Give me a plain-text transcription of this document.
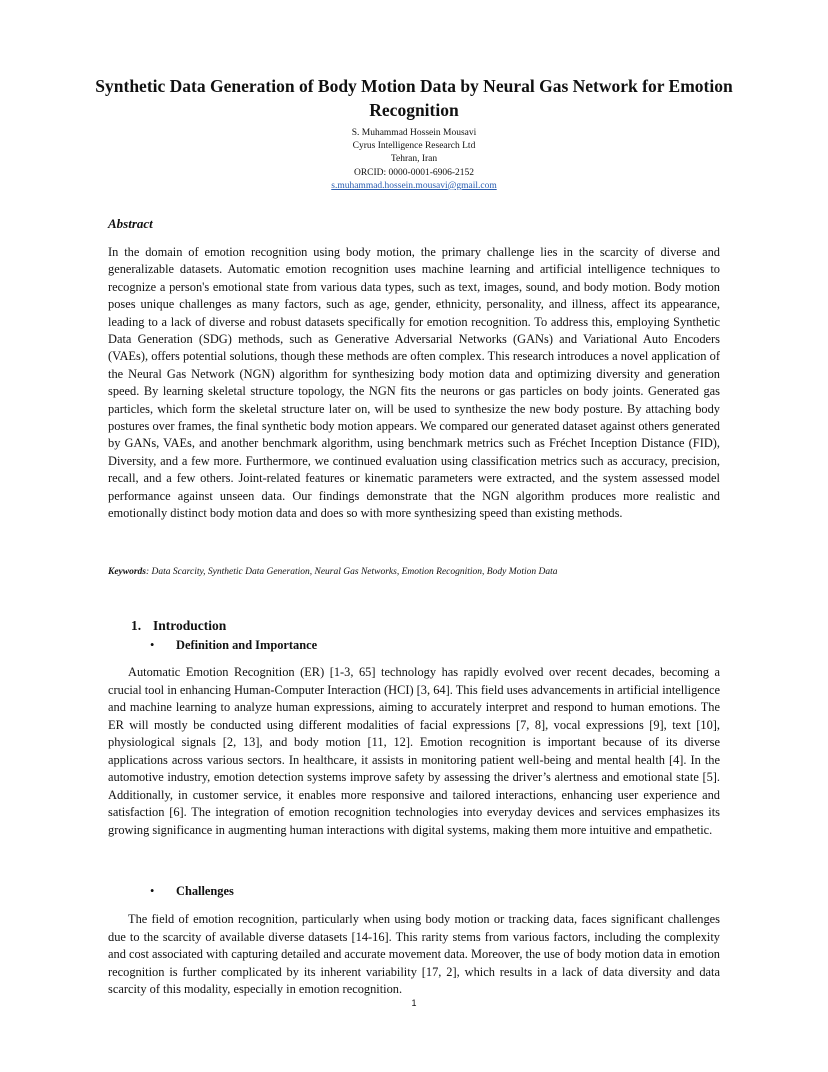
Synthetic Data Generation of Body Motion Data by Neural Gas Network for Emotion Recognition
S. Muhammad Hossein Mousavi
Cyrus Intelligence Research Ltd
Tehran, Iran
ORCID: 0000-0001-6906-2152
s.muhammad.hossein.mousavi@gmail.com
Abstract
In the domain of emotion recognition using body motion, the primary challenge lies in the scarcity of diverse and generalizable datasets. Automatic emotion recognition uses machine learning and artificial intelligence techniques to recognize a person's emotional state from various data types, such as text, images, sound, and body motion. Body motion poses unique challenges as many factors, such as age, gender, ethnicity, personality, and illness, affect its appearance, leading to a lack of diverse and robust datasets specifically for emotion recognition. To address this, employing Synthetic Data Generation (SDG) methods, such as Generative Adversarial Networks (GANs) and Variational Auto Encoders (VAEs), offers potential solutions, though these methods are often complex. This research introduces a novel application of the Neural Gas Network (NGN) algorithm for synthesizing body motion data and optimizing diversity and generation speed. By learning skeletal structure topology, the NGN fits the neurons or gas particles on body joints. Generated gas particles, which form the skeletal structure later on, will be used to synthesize the new body posture. By attaching body postures over frames, the final synthetic body motion appears. We compared our generated dataset against others generated by GANs, VAEs, and another benchmark algorithm, using benchmark metrics such as Fréchet Inception Distance (FID), Diversity, and a few more. Furthermore, we continued evaluation using classification metrics such as accuracy, precision, recall, and a few others. Joint-related features or kinematic parameters were extracted, and the system assessed model performance against unseen data. Our findings demonstrate that the NGN algorithm produces more realistic and emotionally distinct body motion data and does so with more synthesizing speed than existing methods.
Keywords: Data Scarcity, Synthetic Data Generation, Neural Gas Networks, Emotion Recognition, Body Motion Data
1. Introduction
• Definition and Importance
Automatic Emotion Recognition (ER) [1-3, 65] technology has rapidly evolved over recent decades, becoming a crucial tool in enhancing Human-Computer Interaction (HCI) [3, 64]. This field uses advancements in artificial intelligence and machine learning to analyze human expressions, aiming to accurately interpret and respond to human emotions. The ER will mostly be conducted using different modalities of facial expressions [7, 8], vocal expressions [9], text [10], physiological signals [2, 13], and body motion [11, 12]. Emotion recognition is important because of its diverse applications across various sectors. In healthcare, it assists in monitoring patient well-being and mental health [4]. In the automotive industry, emotion detection systems improve safety by assessing the driver’s alertness and emotional state [5]. Additionally, in customer service, it enables more responsive and tailored interactions, enhancing user experience and satisfaction [6]. The integration of emotion recognition technologies into everyday devices and services emphasizes its growing significance in augmenting human interactions with digital systems, making them more intuitive and empathetic.
• Challenges
The field of emotion recognition, particularly when using body motion or tracking data, faces significant challenges due to the scarcity of available diverse datasets [14-16]. This rarity stems from various factors, including the complexity and cost associated with capturing detailed and accurate movement data. Moreover, the use of body motion data in emotion recognition is further complicated by its inherent variability [17, 2], which results in a lack of data diversity and data scarcity of this modality, especially in emotion recognition.
1
